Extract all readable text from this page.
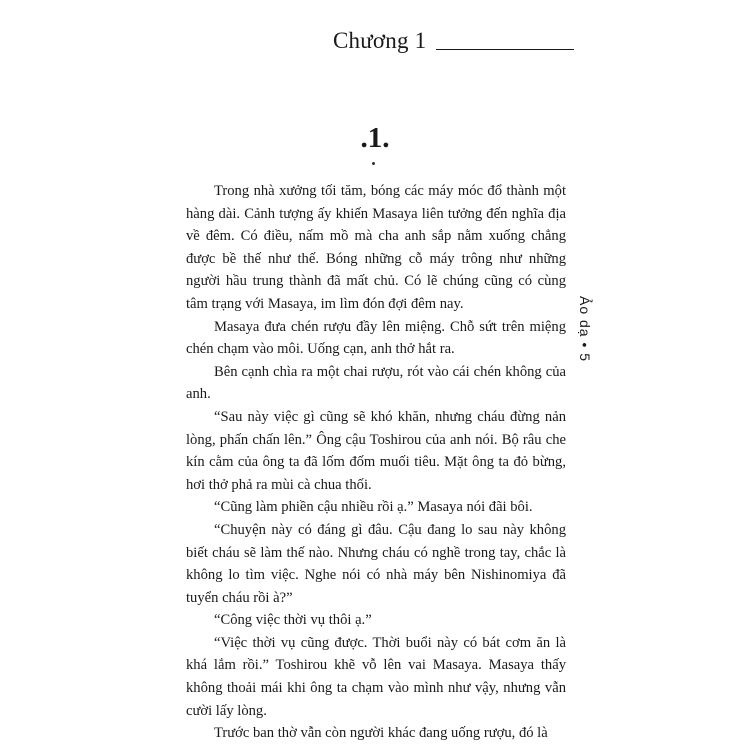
Chương 1
.1.

Trong nhà xưởng tối tăm, bóng các máy móc đổ thành một hàng dài. Cảnh tượng ấy khiến Masaya liên tưởng đến nghĩa địa về đêm. Có điều, nấm mồ mà cha anh sắp nằm xuống chẳng được bề thế như thế. Bóng những cỗ máy trông như những người hầu trung thành đã mất chủ. Có lẽ chúng cũng có cùng tâm trạng với Masaya, im lìm đón đợi đêm nay.

Masaya đưa chén rượu đầy lên miệng. Chỗ sứt trên miệng chén chạm vào môi. Uống cạn, anh thở hắt ra.

Bên cạnh chìa ra một chai rượu, rót vào cái chén không của anh.

“Sau này việc gì cũng sẽ khó khăn, nhưng cháu đừng nản lòng, phấn chấn lên.” Ông cậu Toshirou của anh nói. Bộ râu che kín cằm của ông ta đã lốm đốm muối tiêu. Mặt ông ta đỏ bừng, hơi thở phả ra mùi cà chua thối.

“Cũng làm phiền cậu nhiều rồi ạ.” Masaya nói đãi bôi.

“Chuyện này có đáng gì đâu. Cậu đang lo sau này không biết cháu sẽ làm thế nào. Nhưng cháu có nghề trong tay, chắc là không lo tìm việc. Nghe nói có nhà máy bên Nishinomiya đã tuyển cháu rồi à?”

“Công việc thời vụ thôi ạ.”

“Việc thời vụ cũng được. Thời buổi này có bát cơm ăn là khá lắm rồi.” Toshirou khẽ vỗ lên vai Masaya. Masaya thấy không thoải mái khi ông ta chạm vào mình như vậy, nhưng vẫn cười lấy lòng.

Trước ban thờ vẫn còn người khác đang uống rượu, đó là

Ảo dạ • 5
